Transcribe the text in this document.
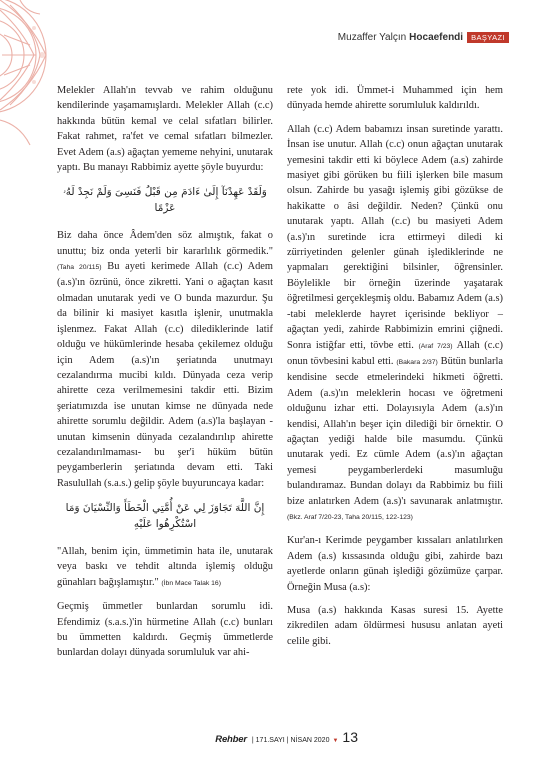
Muzaffer Yalçın Hocaefendi	BAŞYAZI

Melekler Allah'ın tevvab ve rahim olduğunu kendilerinde yaşamamışlardı. Melekler Allah (c.c) hakkında bütün kemal ve celal sıfatları bilirler. Fakat rahmet, ra'fet ve cemal sıfatları bilmezler. Evet Adem (a.s) ağaçtan yememe nehyini, unutarak yaptı. Bu manayı Rabbimiz ayette şöyle buyurdu:

وَلَقَدْ عَهِدْنَآ إِلَىٰ ءَادَمَ مِن قَبْلُ فَنَسِىَ وَلَمْ نَجِدْ لَهُۥ عَزْمًا

Biz daha önce Âdem'den söz almıştık, fakat o unuttu; biz onda yeterli bir kararlılık görmedik." (Taha 20/115) Bu ayeti kerimede Allah (c.c) Adem (a.s)'ın özrünü, önce zikretti. Yani o ağaçtan kasıt olmadan unutarak yedi ve O bunda mazurdur. Şu da bilinir ki masiyet kasıtla işlenir, unutmakla işlenmez. Fakat Allah (c.c) dilediklerinde latif olduğu ve hükümlerinde hesaba çekilemez olduğu için Adem (a.s)'ın şeriatında unutmayı cezalandırma mucibi kıldı. Dünyada ceza verip ahirette ceza verilmemesini takdir etti. Bizim şeriatımızda ise unutan kimse ne dünyada nede ahirette sorumlu değildir. Adem (a.s)'la başlayan - unutan kimsenin dünyada cezalandırılıp ahirette cezalandırılmaması- bu şer'i hüküm bütün peygamberlerin şeriatında devam etti. Taki Rasulullah (s.a.s.) gelip şöyle buyuruncaya kadar:

إِنَّ اللَّهَ تَجَاوَزَ لِي عَنْ أُمَّتِي الْخَطَأَ وَالنِّسْيَانَ وَمَا اسْتُكْرِهُوا عَلَيْهِ

"Allah, benim için, ümmetimin hata ile, unutarak veya baskı ve tehdit altında işlemiş olduğu günahları bağışlamıştır." (İbn Mace Talak 16)

Geçmiş ümmetler bunlardan sorumlu idi. Efendimiz (s.a.s.)'in hürmetine Allah (c.c) bunları bu ümmetten kaldırdı. Geçmiş ümmetlerde bunlardan dolayı dünyada sorumluluk var ahi-

rete yok idi. Ümmet-i Muhammed için hem dünyada hemde ahirette sorumluluk kaldırıldı.

Allah (c.c) Adem babamızı insan suretinde yarattı. İnsan ise unutur. Allah (c.c) onun ağaçtan unutarak yemesini takdir etti ki böylece Adem (a.s) zahirde masiyet gibi görüken bu fiili işlerken bile masum olsun. Zahirde bu yasağı işlemiş gibi gözükse de hakikatte o âsi değildir. Neden? Çünkü onu unutarak yaptı. Allah (c.c) bu masiyeti Adem (a.s)'ın suretinde icra ettirmeyi diledi ki zürriyetinden gelenler günah işlediklerinde ne yapmaları gerektiğini bilsinler, öğrensinler. Böylelikle bir örneğin üzerinde yaşatarak öğretilmesi gerçekleşmiş oldu. Babamız Adem (a.s) -tabi meleklerde hayret içerisinde bekliyor – ağaçtan yedi, zahirde Rabbimizin emrini çiğnedi. Sonra istiğfar etti, tövbe etti. (Araf 7/23) Allah (c.c) onun tövbesini kabul etti. (Bakara 2/37) Bütün bunlarla kendisine secde etmelerindeki hikmeti öğretti. Adem (a.s)'ın meleklerin hocası ve öğretmeni olduğunu izhar etti. Dolayısıyla Adem (a.s)'ın kendisi, Allah'ın beşer için dilediği bir örnektir. O ağaçtan yediği halde bile masumdu. Çünkü unutarak yedi. Ez cümle Adem (a.s)'ın ağaçtan yemesi peygamberlerdeki masumluğu bulandıramaz. Bundan dolayı da Rabbimiz bu fiili bize anlatırken Adem (a.s)'ı savunarak anlatmıştır. (Bkz. Araf 7/20-23, Taha 20/115, 122-123)

Kur'an-ı Kerimde peygamber kıssaları anlatılırken Adem (a.s) kıssasında olduğu gibi, zahirde bazı ayetlerde onların günah işlediği gözümüze çarpar. Örneğin Musa (a.s):

Musa (a.s) hakkında Kasas suresi 15. Ayette zikredilen adam öldürmesi hususu anlatan ayeti celile gibi.

Rehber | 171.SAYI | NİSAN 2020 ▼ 13
